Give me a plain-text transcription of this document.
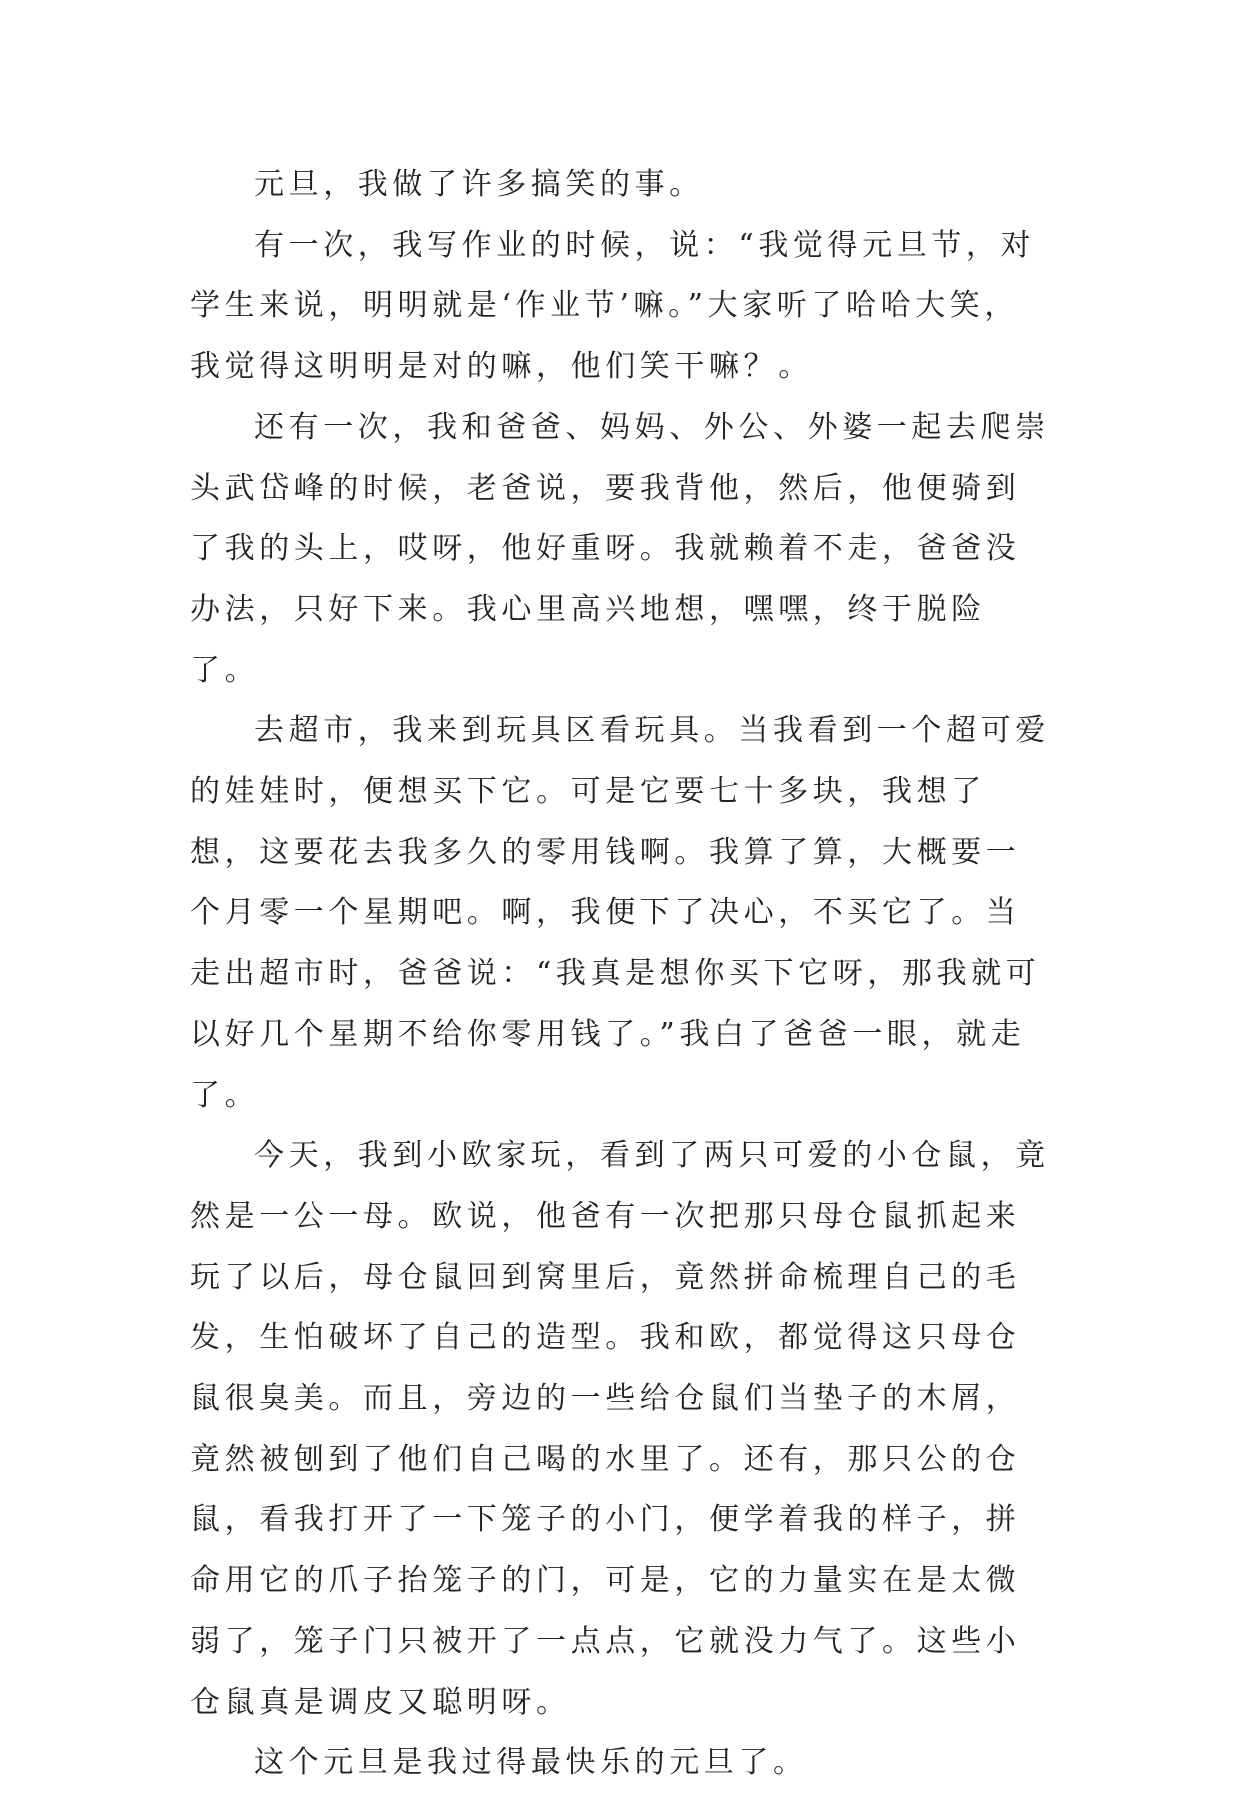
元旦，我做了许多搞笑的事。

有一次，我写作业的时候，说：“我觉得元旦节，对学生来说，明明就是‘作业节’嘛。”大家听了哈哈大笑，我觉得这明明是对的嘛，他们笑干嘛？。

还有一次，我和爸爸、妈妈、外公、外婆一起去爬崇头武岱峰的时候，老爸说，要我背他，然后，他便骑到了我的头上，哎呀，他好重呀。我就赖着不走，爸爸没办法，只好下来。我心里高兴地想，嘿嘿，终于脱险了。

去超市，我来到玩具区看玩具。当我看到一个超可爱的娃娃时，便想买下它。可是它要七十多块，我想了想，这要花去我多久的零用钱啊。我算了算，大概要一个月零一个星期吧。啊，我便下了决心，不买它了。当走出超市时，爸爸说：“我真是想你买下它呀，那我就可以好几个星期不给你零用钱了。”我白了爸爸一眼，就走了。

今天，我到小欧家玩，看到了两只可爱的小仓鼠，竟然是一公一母。欧说，他爸有一次把那只母仓鼠抓起来玩了以后，母仓鼠回到窝里后，竟然拼命梳理自己的毛发，生怕破坏了自己的造型。我和欧，都觉得这只母仓鼠很臭美。而且，旁边的一些给仓鼠们当垫子的木屑，竟然被刨到了他们自己喝的水里了。还有，那只公的仓鼠，看我打开了一下笼子的小门，便学着我的样子，拼命用它的爪子抬笼子的门，可是，它的力量实在是太微弱了，笼子门只被开了一点点，它就没力气了。这些小仓鼠真是调皮又聪明呀。

这个元旦是我过得最快乐的元旦了。
